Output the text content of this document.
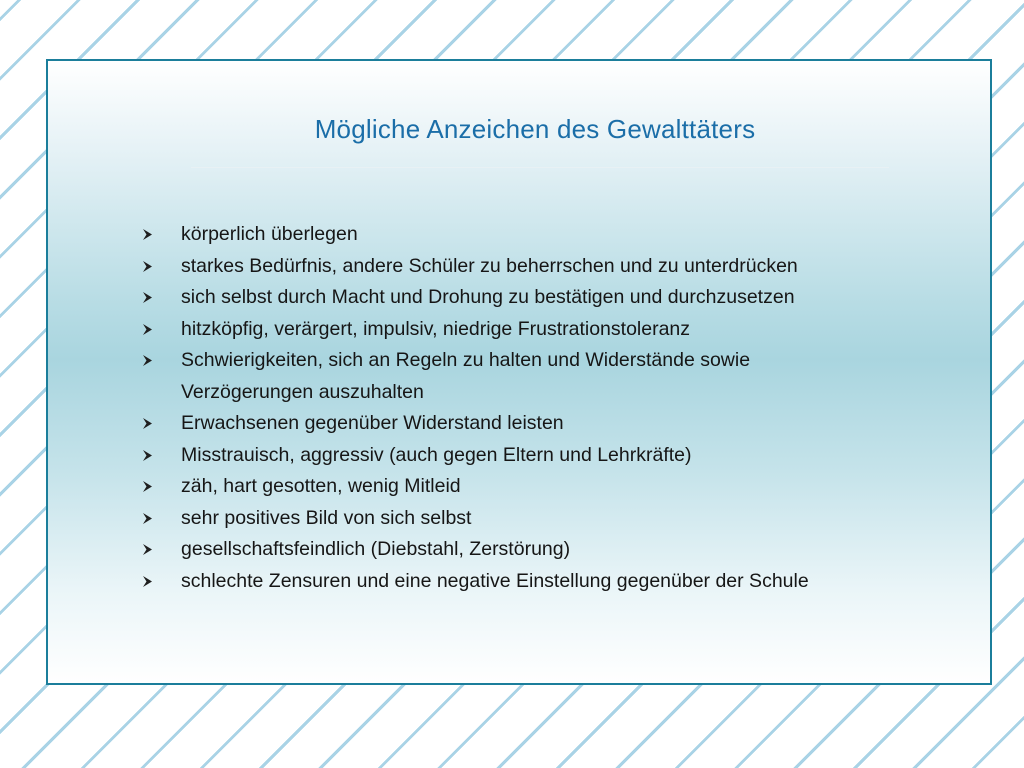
Mögliche Anzeichen des Gewalttäters
körperlich überlegen
starkes Bedürfnis, andere Schüler zu beherrschen und zu unterdrücken
sich selbst durch Macht und Drohung zu bestätigen und durchzusetzen
hitzköpfig, verärgert, impulsiv, niedrige Frustrationstoleranz
Schwierigkeiten, sich an Regeln zu halten und Widerstände sowie
Verzögerungen auszuhalten
Erwachsenen gegenüber Widerstand leisten
Misstrauisch, aggressiv (auch gegen Eltern und Lehrkräfte)
zäh, hart gesotten, wenig Mitleid
sehr positives Bild von sich selbst
gesellschaftsfeindlich (Diebstahl, Zerstörung)
schlechte Zensuren und eine negative Einstellung gegenüber der Schule
